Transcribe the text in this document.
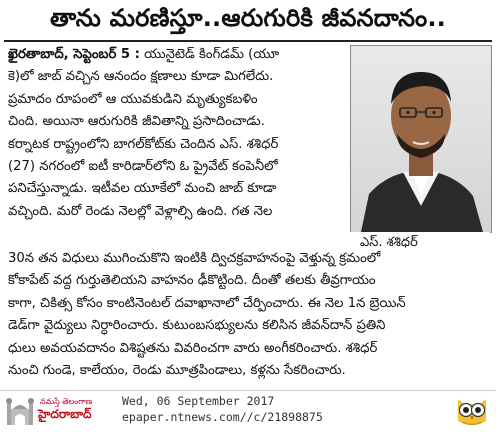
తాను మరణిస్తూ..ఆరుగురికి జీవనదానం..
ఖైరతాబాద్, సెప్టెంబర్ 5 : యునైటెడ్ కింగ్‌డమ్ (యూ
కె)లో జాబ్ వచ్చిన ఆనందం క్షణాలు కూడా మిగలేదు.
ప్రమాదం రూపంలో ఆ యువకుడిని మృత్యుకబళిం
చింది. అయినా ఆరుగురికి జీవితాన్ని ప్రసాదించాడు.
కర్నాటక రాష్ట్రంలోని బాగల్‌కోట్‌కు చెందిన ఎస్. శశిధర్
(27) నగరంలో ఐటీ కారిడార్‌లోని ఓ ప్రైవేట్ కంపెనీలో
పనిచేస్తున్నాడు. ఇటీవల యూకేలో మంచి జాబ్ కూడా
వచ్చింది. మరో రెండు నెలల్లో వెళ్లాల్సి ఉంది. గత నెల
ఎస్. శశిధర్
30న తన విధులు ముగించుకొని ఇంటికి ద్విచక్రవాహనంపై వెళ్తున్న క్రమంలో
కోకాపేట్ వద్ద గుర్తుతెలియని వాహనం ఢీకొట్టింది. దీంతో తలకు తీవ్రగాయం
కాగా, చికిత్స కోసం కాంటినెంటల్ దవాఖానాలో చేర్పించారు. ఈ నెల 1న బ్రెయిన్
డెడ్‌గా వైద్యులు నిర్ధారించారు. కుటుంబసభ్యులను కలిసిన జీవన్‌దాన్ ప్రతిని
ధులు అవయవదానం విశిష్టతను వివరించగా వారు అంగీకరించారు. శశిధర్
నుంచి గుండె, కాలేయం, రెండు మూత్రపిండాలు, కళ్లను సేకరించారు.
నమస్తే తెలంగాణ
హైదరాబాద్
Wed, 06 September 2017
epaper.ntnews.com//c/21898875
